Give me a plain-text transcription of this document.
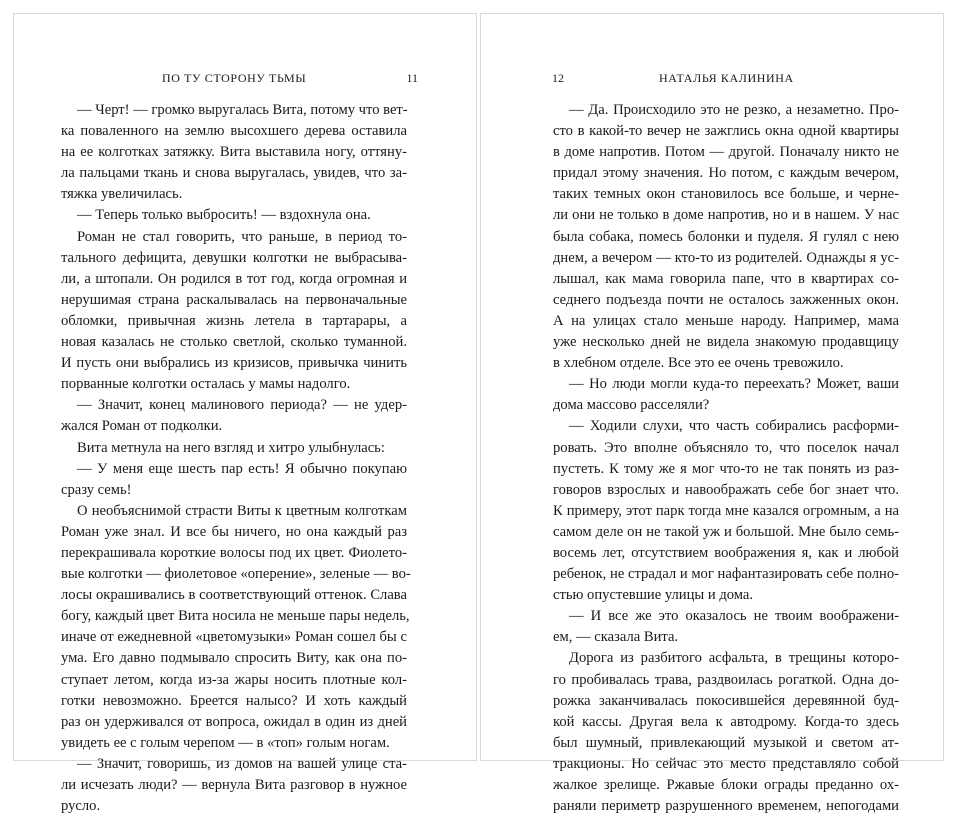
ПО ТУ СТОРОНУ ТЬМЫ	11
— Черт! — громко выругалась Вита, потому что вет-
ка поваленного на землю высохшего дерева оставила
на ее колготках затяжку. Вита выставила ногу, оттяну-
ла пальцами ткань и снова выругалась, увидев, что за-
тяжка увеличилась.
— Теперь только выбросить! — вздохнула она.
Роман не стал говорить, что раньше, в период то-
тального дефицита, девушки колготки не выбрасыва-
ли, а штопали. Он родился в тот год, когда огромная и
нерушимая страна раскалывалась на первоначальные
обломки, привычная жизнь летела в тартарары, а
новая казалась не столько светлой, сколько туманной.
И пусть они выбрались из кризисов, привычка чинить
порванные колготки осталась у мамы надолго.
— Значит, конец малинового периода? — не удер-
жался Роман от подколки.
Вита метнула на него взгляд и хитро улыбнулась:
— У меня еще шесть пар есть! Я обычно покупаю
сразу семь!
О необъяснимой страсти Виты к цветным колготкам
Роман уже знал. И все бы ничего, но она каждый раз
перекрашивала короткие волосы под их цвет. Фиолето-
вые колготки — фиолетовое «оперение», зеленые — во-
лосы окрашивались в соответствующий оттенок. Слава
богу, каждый цвет Вита носила не меньше пары недель,
иначе от ежедневной «цветомузыки» Роман сошел бы с
ума. Его давно подмывало спросить Виту, как она по-
ступает летом, когда из-за жары носить плотные кол-
готки невозможно. Бреется налысо? И хоть каждый
раз он удерживался от вопроса, ожидал в один из дней
увидеть ее с голым черепом — в «топ» голым ногам.
— Значит, говоришь, из домов на вашей улице ста-
ли исчезать люди? — вернула Вита разговор в нужное
русло.
12	НАТАЛЬЯ КАЛИНИНА
— Да. Происходило это не резко, а незаметно. Про-
сто в какой-то вечер не зажглись окна одной квартиры
в доме напротив. Потом — другой. Поначалу никто не
придал этому значения. Но потом, с каждым вечером,
таких темных окон становилось все больше, и черне-
ли они не только в доме напротив, но и в нашем. У нас
была собака, помесь болонки и пуделя. Я гулял с нею
днем, а вечером — кто-то из родителей. Однажды я ус-
лышал, как мама говорила папе, что в квартирах со-
седнего подъезда почти не осталось зажженных окон.
А на улицах стало меньше народу. Например, мама
уже несколько дней не видела знакомую продавщицу
в хлебном отделе. Все это ее очень тревожило.
— Но люди могли куда-то переехать? Может, ваши
дома массово расселяли?
— Ходили слухи, что часть собирались расформи-
ровать. Это вполне объясняло то, что поселок начал
пустеть. К тому же я мог что-то не так понять из раз-
говоров взрослых и навоображать себе бог знает что.
К примеру, этот парк тогда мне казался огромным, а на
самом деле он не такой уж и большой. Мне было семь-
восемь лет, отсутствием воображения я, как и любой
ребенок, не страдал и мог нафантазировать себе полно-
стью опустевшие улицы и дома.
— И все же это оказалось не твоим воображени-
ем, — сказала Вита.
Дорога из разбитого асфальта, в трещины которо-
го пробивалась трава, раздвоилась рогаткой. Одна до-
рожка заканчивалась покосившейся деревянной буд-
кой кассы. Другая вела к автодрому. Когда-то здесь
был шумный, привлекающий музыкой и светом ат-
тракционы. Но сейчас это место представляло собой
жалкое зрелище. Ржавые блоки ограды преданно ох-
раняли периметр разрушенного временем, непогодами
